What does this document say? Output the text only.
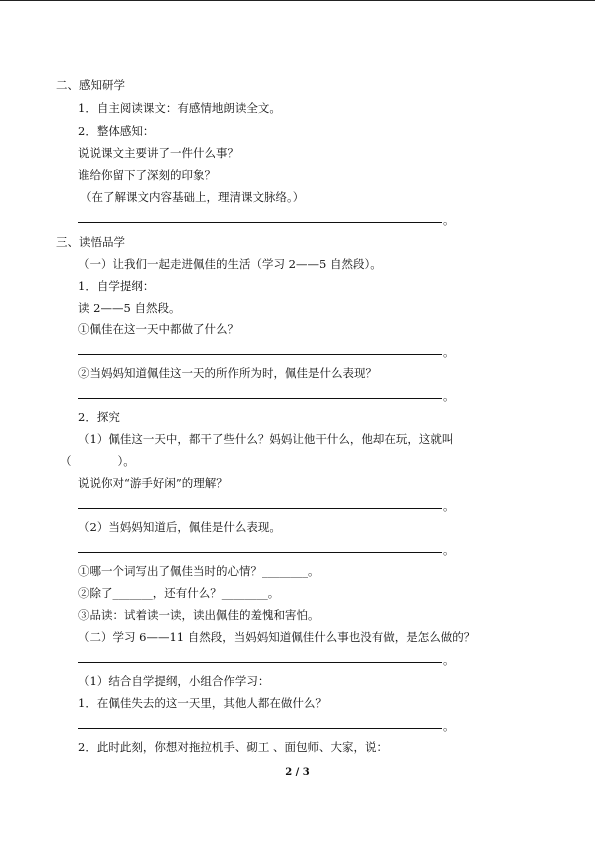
二、感知研学
1．自主阅读课文：有感情地朗读全文。
2．整体感知：
说说课文主要讲了一件什么事？
谁给你留下了深刻的印象？
（在了解课文内容基础上，理清课文脉络。）
。
三、读悟品学
（一）让我们一起走进佩佳的生活（学习 2——5 自然段）。
1．自学提纲：
读 2——5 自然段。
①佩佳在这一天中都做了什么？
。
②当妈妈知道佩佳这一天的所作所为时，佩佳是什么表现？
。
2．探究
（1）佩佳这一天中，都干了些什么？妈妈让他干什么，他却在玩，这就叫
（　　　　）。
说说你对“游手好闲”的理解？
。
（2）当妈妈知道后，佩佳是什么表现。
。
①哪一个词写出了佩佳当时的心情？________。
②除了_______，还有什么？________。
③品读：试着读一读，读出佩佳的羞愧和害怕。
（二）学习 6——11 自然段，当妈妈知道佩佳什么事也没有做，是怎么做的？
。
（1）结合自学提纲，小组合作学习：
1．在佩佳失去的这一天里，其他人都在做什么？
。
2．此时此刻，你想对拖拉机手、砌工 、面包师、大家，说：
2 / 3
